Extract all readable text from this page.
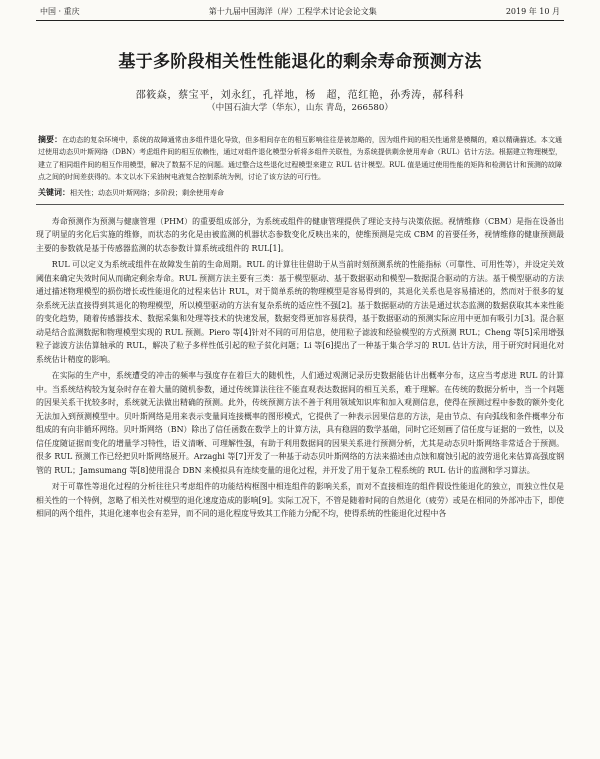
中国 · 重庆	第十九届中国海洋（岸）工程学术讨论会论文集	2019 年 10 月
基于多阶段相关性性能退化的剩余寿命预测方法
邵筱焱，蔡宝平，刘永红，孔祥地，杨　超，范红艳，孙秀涛，郝科科
（中国石油大学（华东），山东 青岛，266580）
摘要：在动态的复杂环境中，系统的故障通常由多组件退化导致，但多相间存在的相互影响往往是被忽略的，因为组件间的相关性通常是模糊的，难以精确描述。本文通过使用动态贝叶斯网络（DBN）考虑组件间的相互依赖性，通过对组件退化模型分析将多组件关联性，为系统提供剩余使用寿命（RUL）估计方法。根据建立物理模型，建立了相同组件间的相互作用模型，解决了数据不足的问题。通过整合这些退化过程模型来建立 RUL 估计模型。RUL 值是通过使用性能的矩阵和检测估计和预测的故障点之间的时间差获得的。本文以水下采油树电液复合控制系统为例，讨论了该方法的可行性。
关键词：相关性；动态贝叶斯网络；多阶段；剩余使用寿命

寿命预测作为预测与健康管理（PHM）的重要组成部分，为系统或组件的健康管理提供了理论支持与决策依据。视情维修（CBM）是指在设备出现了明显的劣化后实施的维修，而状态的劣化是由被监测的机器状态参数变化反映出来的，使维预测是完成 CBM 的首要任务，视情维修的健康预测最主要的参数就是基于传感器监测的状态参数计算系统或组件的 RUL[1]。

RUL 可以定义为系统或组件在故障发生前的生命周期。RUL 的计算往往借助于从当前时刻预测系统的性能指标（可靠性、可用性等），并设定关效阈值来确定失效时间从而确定剩余寿命。RUL 预测方法主要有三类：基于模型驱动、基于数据驱动和模型—数据混合驱动的方法。基于模型驱动的方法通过描述物理模型的损伤增长或性能退化的过程来估计 RUL，对于简单系统的物理模型是容易得到的，其退化关系也是容易描述的，然而对于很多的复杂系统无法直接得到其退化的物理模型，所以模型驱动的方法有复杂系统的适应性不强[2]。基于数据驱动的方法是通过状态监测的数据获取其本来性能的变化趋势，随着传感器技术、数据采集和处理等技术的快速发展，数据变得更加容易获得，基于数据驱动的预测实际应用中更加有吸引力[3]。混合驱动是结合监测数据和物理模型实现的 RUL 预测。Piero 等[4]针对不同的可用信息，使用粒子滤波和经验模型的方式预测 RUL；Cheng 等[5]采用增强粒子滤波方法估算轴承的 RUL，解决了粒子多样性低引起的粒子贫化问题；Li 等[6]提出了一种基于集合学习的 RUL 估计方法，用于研究时间退化对系统估计精度的影响。

在实际的生产中，系统遭受的冲击的频率与强度存在着巨大的随机性，人们通过观测记录历史数据能估计出概率分布，这应当考虑进 RUL 的计算中。当系统结构较为复杂时存在着大量的随机参数，通过传统算法往往不能直观表达数据间的相互关系，难于理解。在传统的数据分析中，当一个问题的因果关系干扰较多时，系统就无法做出精确的预测。此外，传统预测方法不善于利用领域知识库和加入观测信息，使得在预测过程中参数的额外变化无法加入到预测模型中。贝叶斯网络是用来表示变量间连接概率的图形模式，它提供了一种表示因果信息的方法，是由节点、有向弧线和条件概率分布组成的有向非循环网络。贝叶斯网络（BN）除出了信任函数在数学上的计算方法，具有稳固的数学基础，同时它还刻画了信任度与证据的一致性，以及信任度随证据而变化的增量学习特性，语义清晰、可理解性强，有助于利用数据间的因果关系进行预测分析，尤其是动态贝叶斯网络非常适合于预测。很多 RUL 预测工作已经把贝叶斯网络展开。Arzaghi 等[7]开发了一种基于动态贝叶斯网络的方法来描述由点蚀和腐蚀引起的波劳退化来估算高强度钢管的 RUL；Jamsumang 等[8]使用混合 DBN 来模拟具有连续变量的退化过程，并开发了用于复杂工程系统的 RUL 估计的监测和学习算法。

对于可靠性等退化过程的分析往往只考虑组件的功能结构框图中相连组件的影响关系，而对不直接相连的组件假设性能退化的独立，而独立性仅是相关性的一个特例，忽略了相关性对模型的退化速度造成的影响[9]。实际工况下，不管是随着时间的自然退化（疲劳）或是在相同的外部冲击下，即使相同的两个组件，其退化速率也会有差异，而不同的退化程度导致其工作能力分配不均，使得系统的性能退化过程中各
